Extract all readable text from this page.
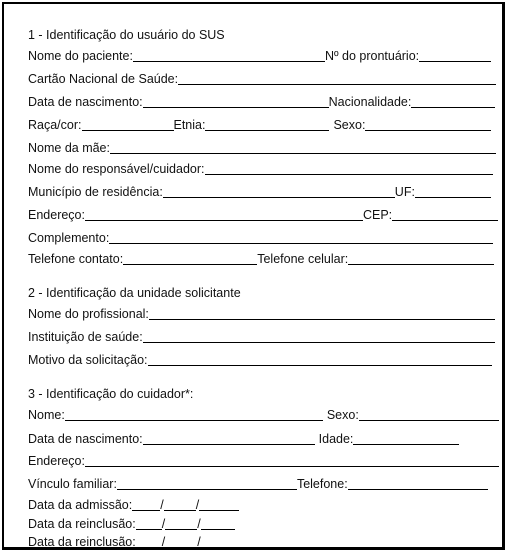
1 - Identificação do usuário do SUS
Nome do paciente:	Nº do prontuário:
Cartão Nacional de Saúde:
Data de nascimento:	Nacionalidade:
Raça/cor:	Etnia:	Sexo:
Nome da mãe:
Nome do responsável/cuidador:
Município de residência:	UF:
Endereço:	CEP:
Complemento:
Telefone contato:	Telefone celular:
2 - Identificação da unidade solicitante
Nome do profissional:
Instituição de saúde:
Motivo da solicitação:
3 - Identificação do cuidador*:
Nome:	Sexo:
Data de nascimento:	Idade:
Endereço:
Vínculo familiar:	Telefone:
Data da admissão: /	/
Data da reinclusão: /	/
Data da reinclusão: /	/
